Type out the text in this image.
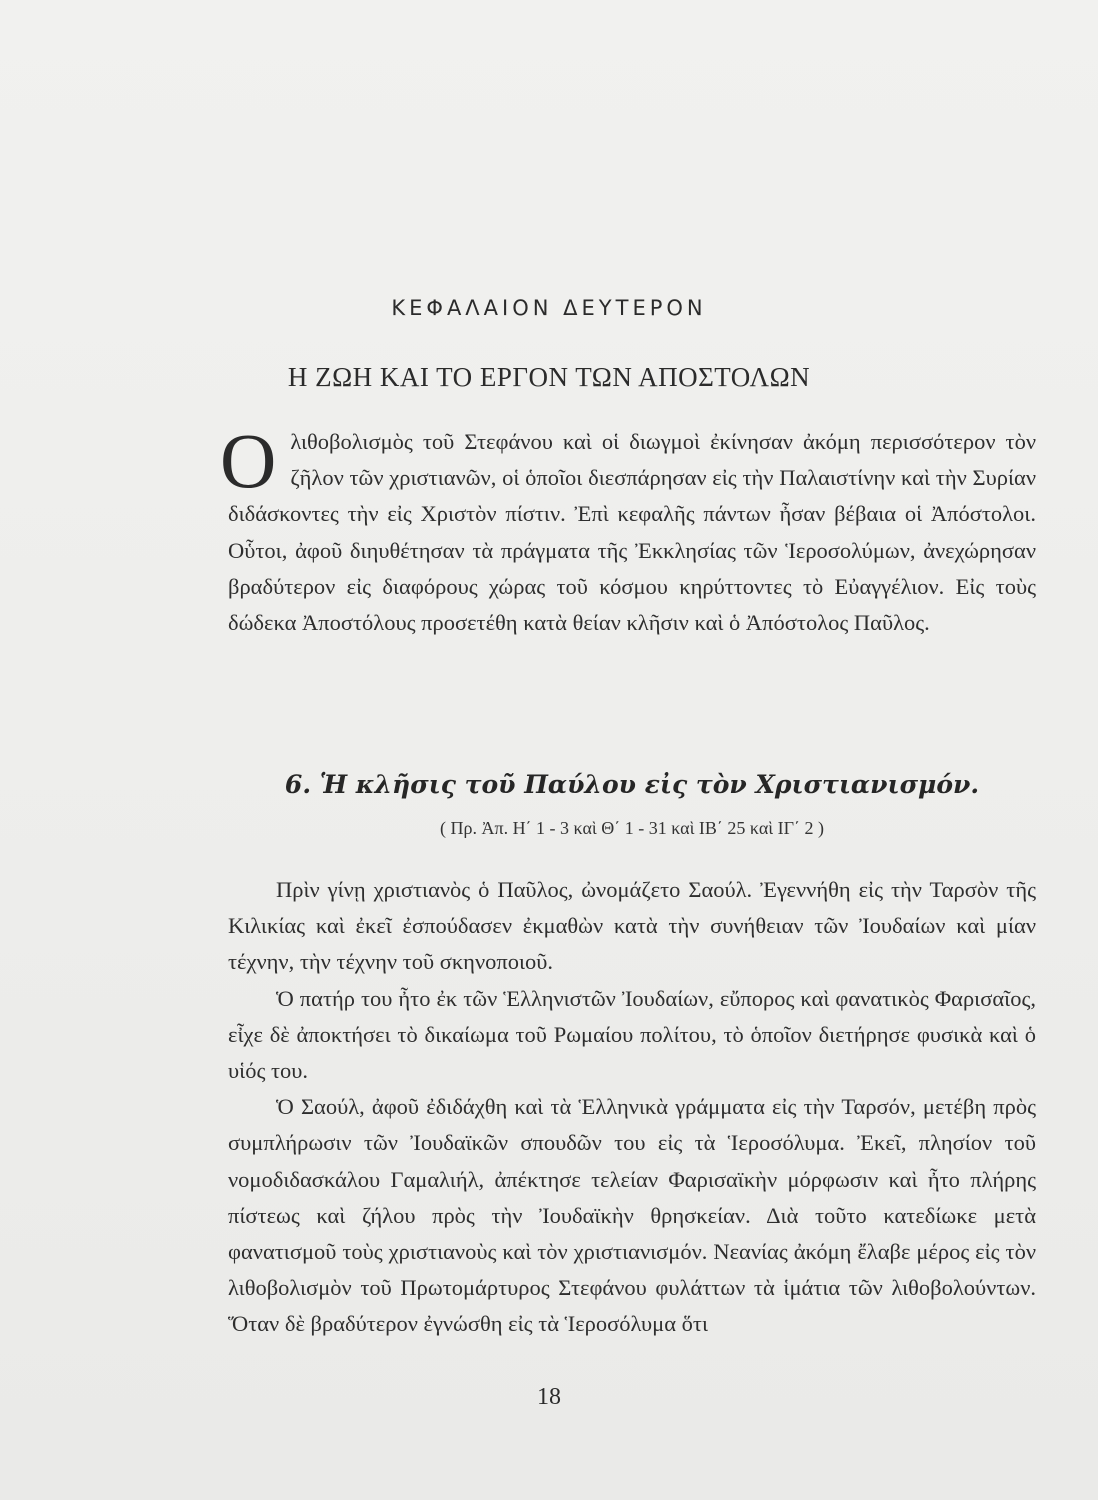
ΚΕΦΑΛΑΙΟΝ ΔΕΥΤΕΡΟΝ
Η ΖΩΗ ΚΑΙ ΤΟ ΕΡΓΟΝ ΤΩΝ ΑΠΟΣΤΟΛΩΝ
Ολιθοβολισμὸς τοῦ Στεφάνου καὶ οἱ διωγμοὶ ἐκίνησαν ἀκόμη περισσότερον τὸν ζῆλον τῶν χριστιανῶν, οἱ ὁποῖοι διεσπάρησαν εἰς τὴν Παλαιστίνην καὶ τὴν Συρίαν διδάσκοντες τὴν εἰς Χριστὸν πίστιν. Ἐπὶ κεφαλῆς πάντων ἦσαν βέβαια οἱ Ἀπόστολοι. Οὗτοι, ἀφοῦ διηυθέτησαν τὰ πράγματα τῆς Ἐκκλησίας τῶν Ἱεροσολύμων, ἀνεχώρησαν βραδύτερον εἰς διαφόρους χώρας τοῦ κόσμου κηρύττοντες τὸ Εὐαγγέλιον. Εἰς τοὺς δώδεκα Ἀποστόλους προσετέθη κατὰ θείαν κλῆσιν καὶ ὁ Ἀπόστολος Παῦλος.
6. Ἡ κλῆσις τοῦ Παύλου εἰς τὸν Χριστιανισμόν.
( Πρ. Ἀπ. Η΄ 1 - 3 καὶ Θ΄ 1 - 31 καὶ ΙΒ΄ 25 καὶ ΙΓ΄ 2 )

Πρὶν γίνῃ χριστιανὸς ὁ Παῦλος, ὠνομάζετο Σαούλ. Ἐγεννήθη εἰς τὴν Ταρσὸν τῆς Κιλικίας καὶ ἐκεῖ ἐσπούδασεν ἐκμαθὼν κατὰ τὴν συνήθειαν τῶν Ἰουδαίων καὶ μίαν τέχνην, τὴν τέχνην τοῦ σκηνοποιοῦ.

Ὁ πατήρ του ἦτο ἐκ τῶν Ἑλληνιστῶν Ἰουδαίων, εὔπορος καὶ φανατικὸς Φαρισαῖος, εἶχε δὲ ἀποκτήσει τὸ δικαίωμα τοῦ Ρωμαίου πολίτου, τὸ ὁποῖον διετήρησε φυσικὰ καὶ ὁ υἱός του.

Ὁ Σαούλ, ἀφοῦ ἐδιδάχθη καὶ τὰ Ἑλληνικὰ γράμματα εἰς τὴν Ταρσόν, μετέβη πρὸς συμπλήρωσιν τῶν Ἰουδαϊκῶν σπουδῶν του εἰς τὰ Ἱεροσόλυμα. Ἐκεῖ, πλησίον τοῦ νομοδιδασκάλου Γαμαλιήλ, ἀπέκτησε τελείαν Φαρισαϊκὴν μόρφωσιν καὶ ἦτο πλήρης πίστεως καὶ ζήλου πρὸς τὴν Ἰουδαϊκὴν θρησκείαν. Διὰ τοῦτο κατεδίωκε μετὰ φανατισμοῦ τοὺς χριστιανοὺς καὶ τὸν χριστιανισμόν. Νεανίας ἀκόμη ἔλαβε μέρος εἰς τὸν λιθοβολισμὸν τοῦ Πρωτομάρτυρος Στεφάνου φυλάττων τὰ ἱμάτια τῶν λιθοβολούντων. Ὅταν δὲ βραδύτερον ἐγνώσθη εἰς τὰ Ἱεροσόλυμα ὅτι

18
